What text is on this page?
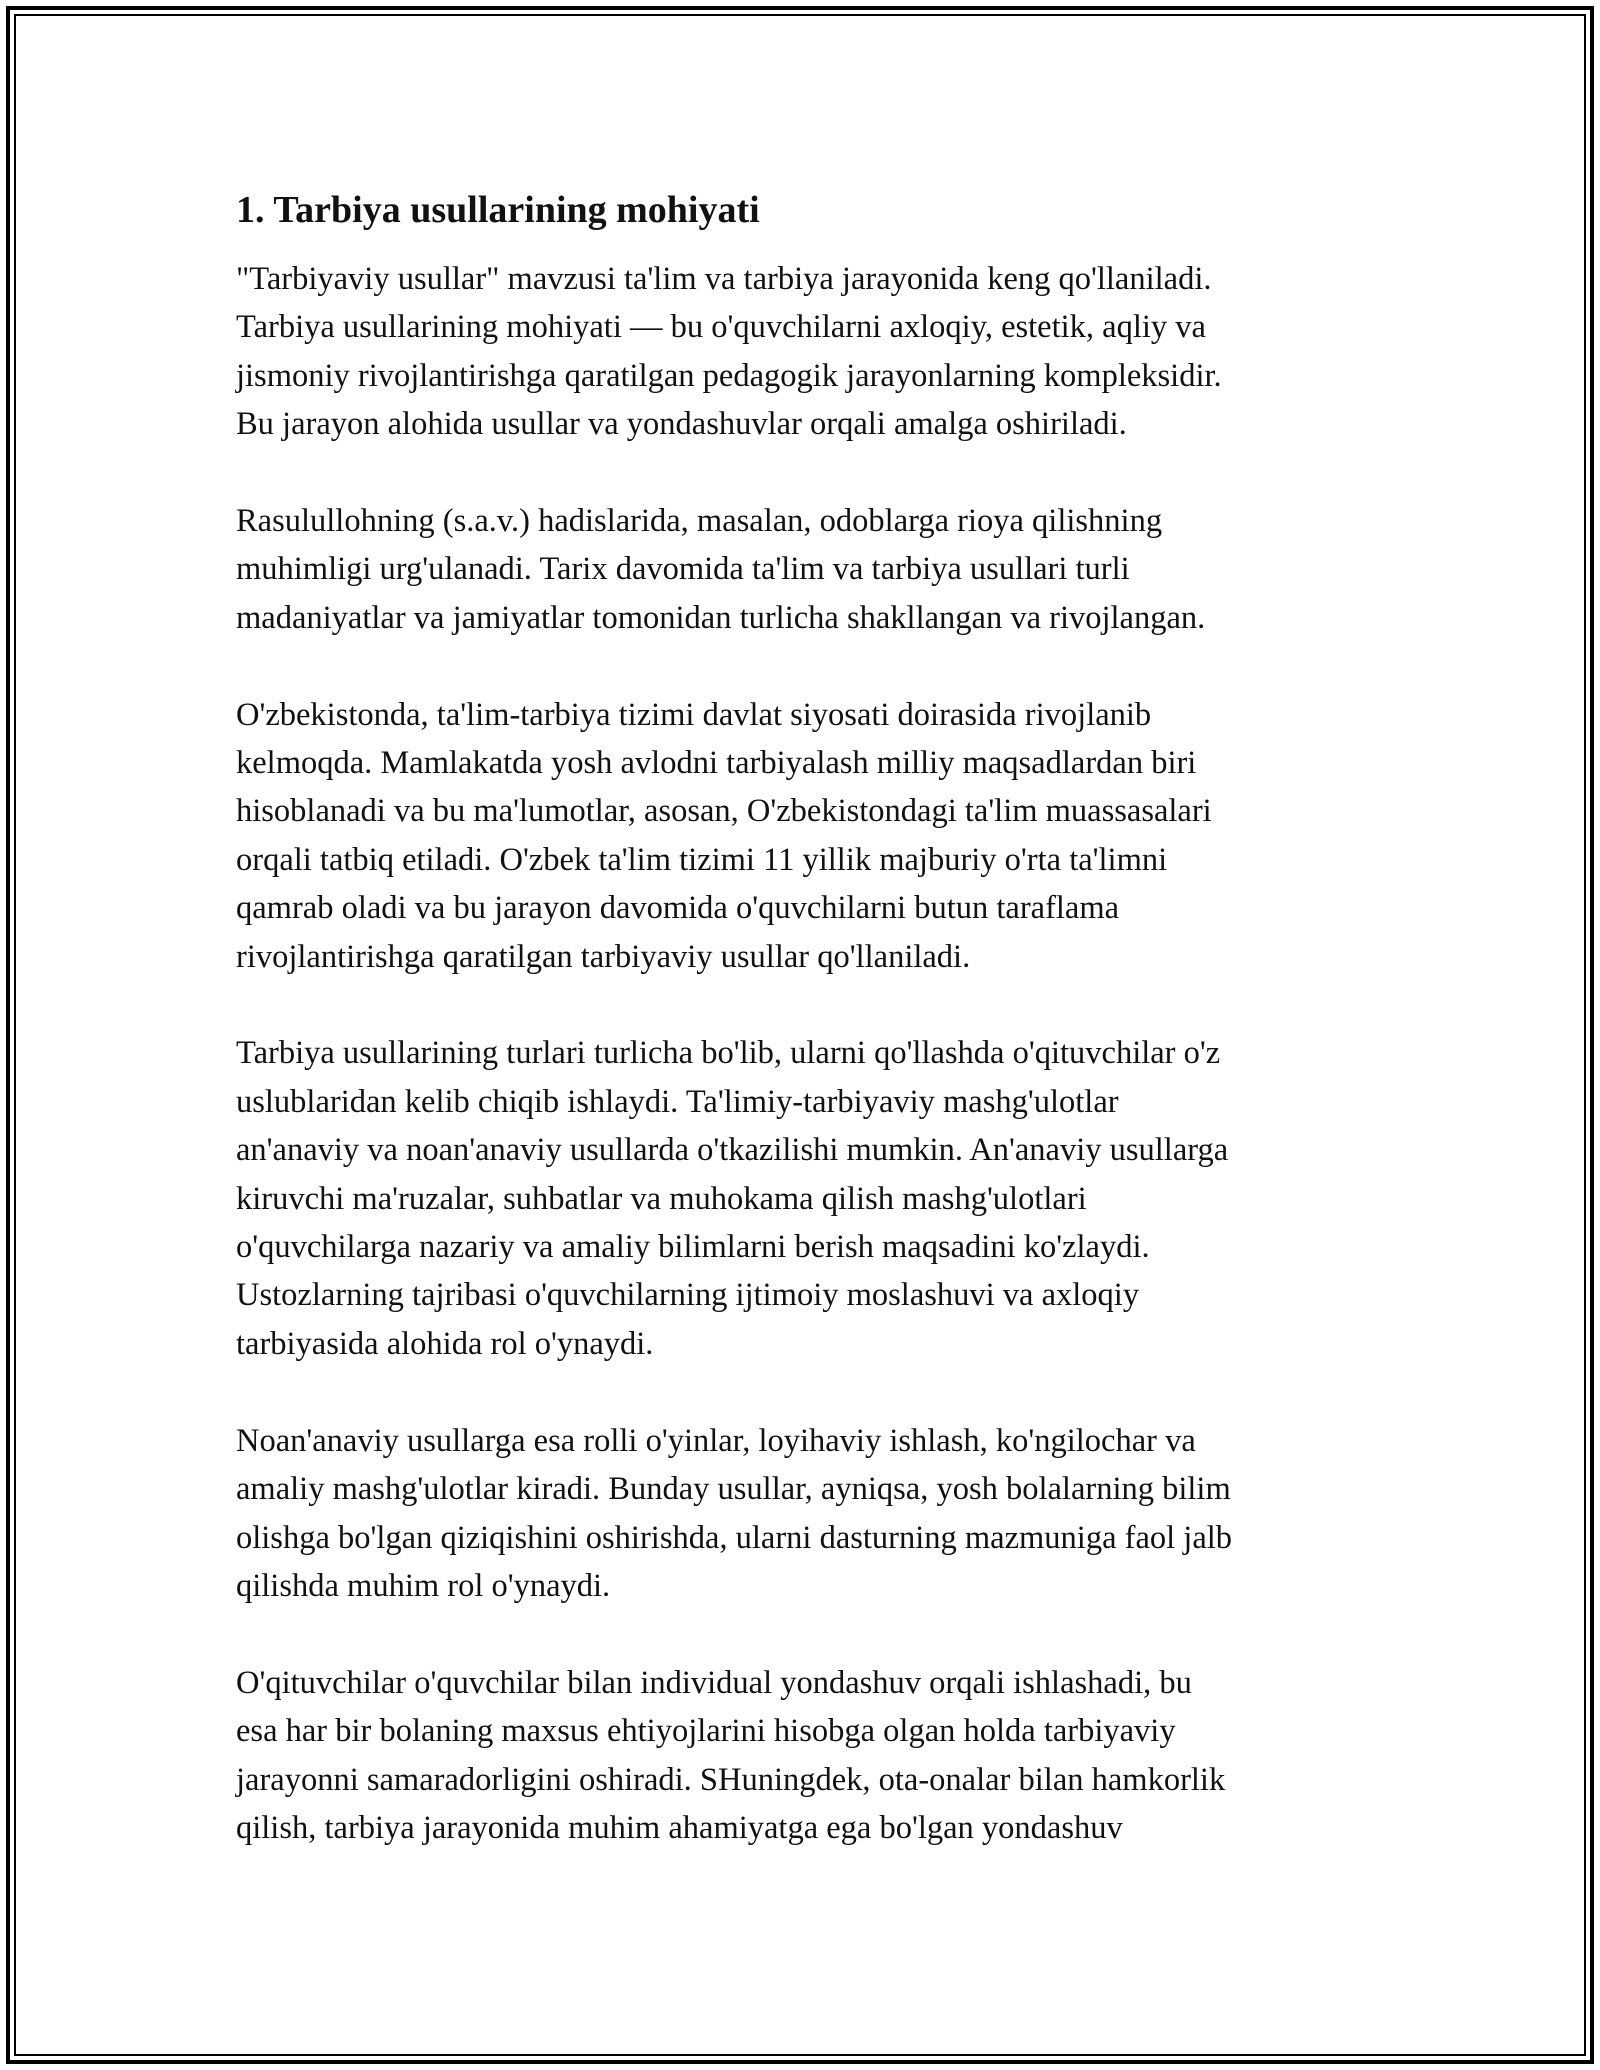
1. Tarbiya usullarining mohiyati
"Tarbiyaviy usullar" mavzusi ta'lim va tarbiya jarayonida keng qo'llaniladi.
Tarbiya usullarining mohiyati — bu o'quvchilarni axloqiy, estetik, aqliy va
jismoniy rivojlantirishga qaratilgan pedagogik jarayonlarning kompleksidir.
Bu jarayon alohida usullar va yondashuvlar orqali amalga oshiriladi.
Rasulullohning (s.a.v.) hadislarida, masalan, odoblarga rioya qilishning
muhimligi urg'ulanadi. Tarix davomida ta'lim va tarbiya usullari turli
madaniyatlar va jamiyatlar tomonidan turlicha shakllangan va rivojlangan.
O'zbekistonda, ta'lim-tarbiya tizimi davlat siyosati doirasida rivojlanib
kelmoqda. Mamlakatda yosh avlodni tarbiyalash milliy maqsadlardan biri
hisoblanadi va bu ma'lumotlar, asosan, O'zbekistondagi ta'lim muassasalari
orqali tatbiq etiladi. O'zbek ta'lim tizimi 11 yillik majburiy o'rta ta'limni
qamrab oladi va bu jarayon davomida o'quvchilarni butun taraflama
rivojlantirishga qaratilgan tarbiyaviy usullar qo'llaniladi.
Tarbiya usullarining turlari turlicha bo'lib, ularni qo'llashda o'qituvchilar o'z
uslublaridan kelib chiqib ishlaydi. Ta'limiy-tarbiyaviy mashg'ulotlar
an'anaviy va noan'anaviy usullarda o'tkazilishi mumkin. An'anaviy usullarga
kiruvchi ma'ruzalar, suhbatlar va muhokama qilish mashg'ulotlari
o'quvchilarga nazariy va amaliy bilimlarni berish maqsadini ko'zlaydi.
Ustozlarning tajribasi o'quvchilarning ijtimoiy moslashuvi va axloqiy
tarbiyasida alohida rol o'ynaydi.
Noan'anaviy usullarga esa rolli o'yinlar, loyihaviy ishlash, ko'ngilochar va
amaliy mashg'ulotlar kiradi. Bunday usullar, ayniqsa, yosh bolalarning bilim
olishga bo'lgan qiziqishini oshirishda, ularni dasturning mazmuniga faol jalb
qilishda muhim rol o'ynaydi.
O'qituvchilar o'quvchilar bilan individual yondashuv orqali ishlashadi, bu
esa har bir bolaning maxsus ehtiyojlarini hisobga olgan holda tarbiyaviy
jarayonni samaradorligini oshiradi. SHuningdek, ota-onalar bilan hamkorlik
qilish, tarbiya jarayonida muhim ahamiyatga ega bo'lgan yondashuv
